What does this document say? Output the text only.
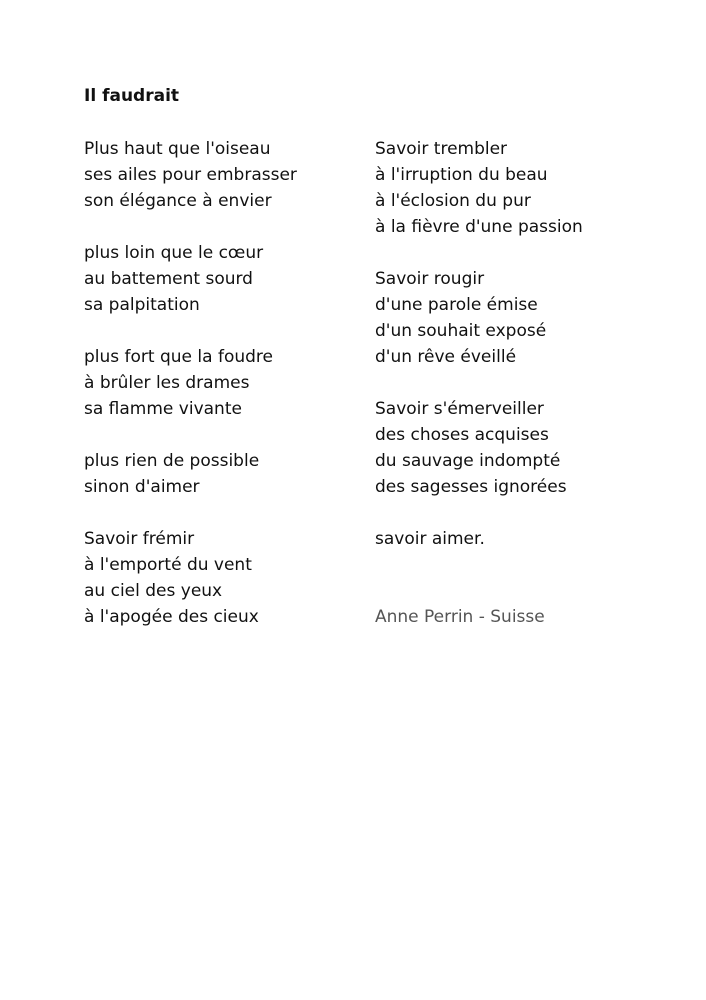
Il faudrait
Plus haut que l'oiseau
ses ailes pour embrasser
son élégance à envier
plus loin que le cœur
au battement sourd
sa palpitation
plus fort que la foudre
à brûler les drames
sa flamme vivante
plus rien de possible
sinon d'aimer
Savoir frémir
à l'emporté du vent
au ciel des yeux
à l'apogée des cieux
Savoir trembler
à l'irruption du beau
à l'éclosion du pur
à la fièvre d'une passion
Savoir rougir
d'une parole émise
d'un souhait exposé
d'un rêve éveillé
Savoir s'émerveiller
des choses acquises
du sauvage indompté
des sagesses ignorées
savoir aimer.
Anne Perrin - Suisse
